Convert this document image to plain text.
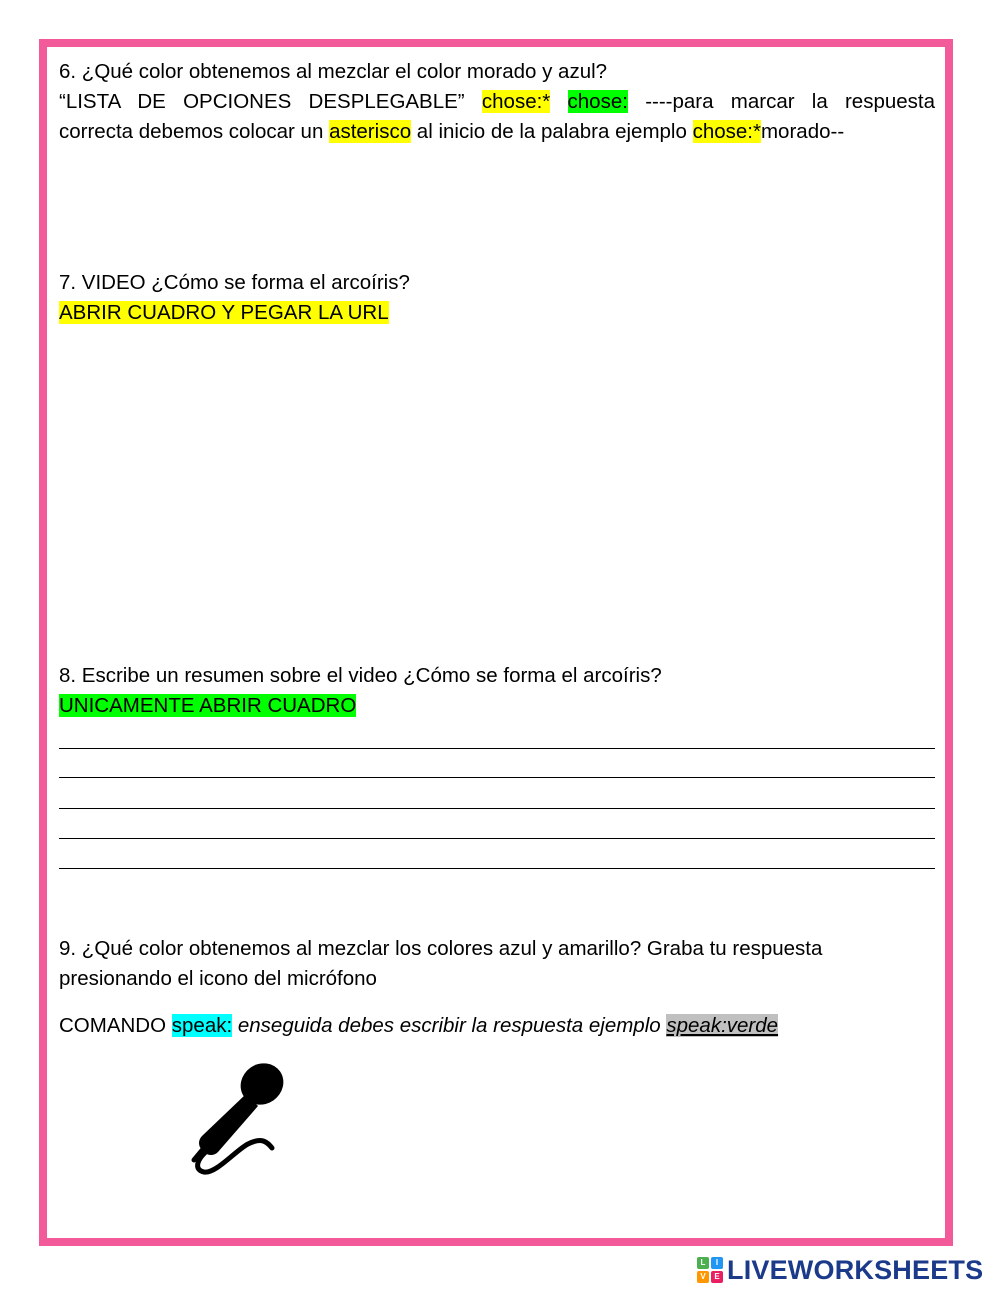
6. ¿Qué color obtenemos al mezclar el color morado y azul?
“LISTA DE OPCIONES DESPLEGABLE” chose:* chose: ----para marcar la respuesta
correcta debemos colocar un asterisco al inicio de la palabra ejemplo chose:*morado--
7. VIDEO ¿Cómo se forma el arcoíris?
ABRIR CUADRO Y PEGAR LA URL
8. Escribe un resumen sobre el video ¿Cómo se forma el arcoíris?
UNICAMENTE ABRIR CUADRO
9. ¿Qué color obtenemos al mezclar los colores azul y amarillo? Graba tu respuesta
presionando el icono del micrófono
COMANDO speak: enseguida debes escribir la respuesta ejemplo speak:verde
L	I
V	E LIVEWORKSHEETS
